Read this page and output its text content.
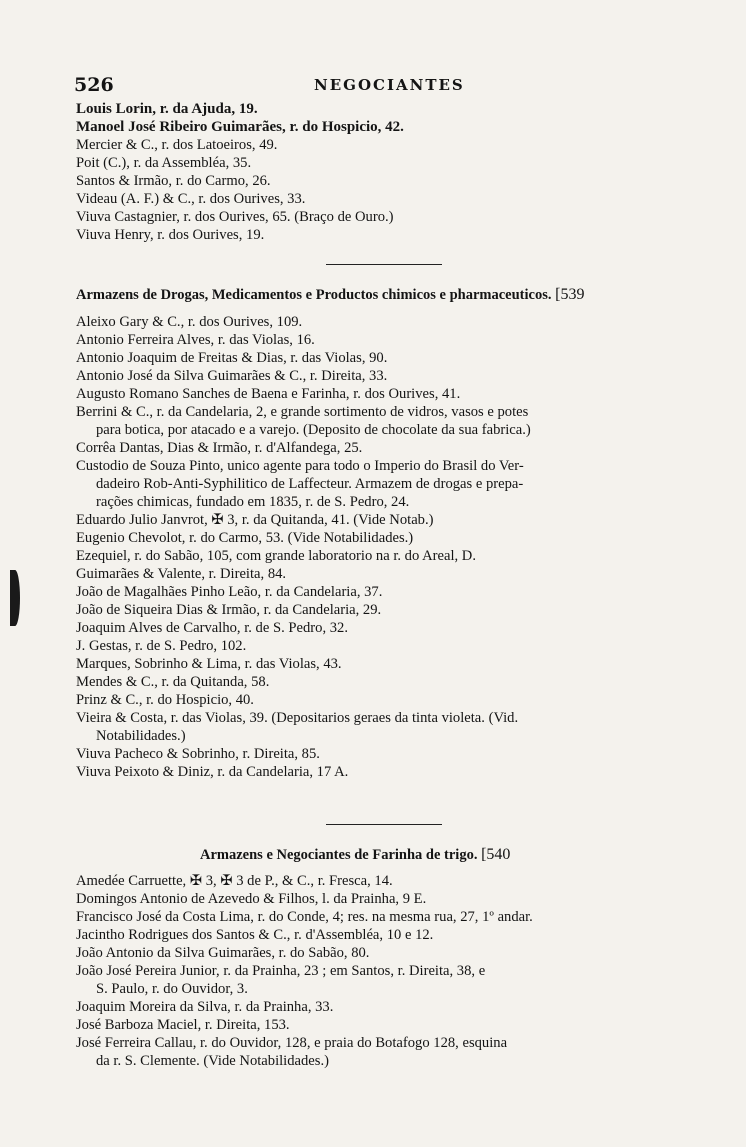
526	NEGOCIANTES
Louis Lorin, r. da Ajuda, 19.
Manoel José Ribeiro Guimarães, r. do Hospicio, 42.
Mercier & C., r. dos Latoeiros, 49.
Poit (C.), r. da Assembléa, 35.
Santos & Irmão, r. do Carmo, 26.
Videau (A. F.) & C., r. dos Ourives, 33.
Viuva Castagnier, r. dos Ourives, 65. (Braço de Ouro.)
Viuva Henry, r. dos Ourives, 19.
Armazens de Drogas, Medicamentos e Productos chimicos e pharmaceuticos. [539
Aleixo Gary & C., r. dos Ourives, 109.
Antonio Ferreira Alves, r. das Violas, 16.
Antonio Joaquim de Freitas & Dias, r. das Violas, 90.
Antonio José da Silva Guimarães & C., r. Direita, 33.
Augusto Romano Sanches de Baena e Farinha, r. dos Ourives, 41.
Berrini & C., r. da Candelaria, 2, e grande sortimento de vidros, vasos e potes
para botica, por atacado e a varejo. (Deposito de chocolate da sua fabrica.)
Corrêa Dantas, Dias & Irmão, r. d'Alfandega, 25.
Custodio de Souza Pinto, unico agente para todo o Imperio do Brasil do Ver-
dadeiro Rob-Anti-Syphilitico de Laffecteur. Armazem de drogas e prepa-
rações chimicas, fundado em 1835, r. de S. Pedro, 24.
Eduardo Julio Janvrot, ✠ 3, r. da Quitanda, 41. (Vide Notab.)
Eugenio Chevolot, r. do Carmo, 53. (Vide Notabilidades.)
Ezequiel, r. do Sabão, 105, com grande laboratorio na r. do Areal, D.
Guimarães & Valente, r. Direita, 84.
João de Magalhães Pinho Leão, r. da Candelaria, 37.
João de Siqueira Dias & Irmão, r. da Candelaria, 29.
Joaquim Alves de Carvalho, r. de S. Pedro, 32.
J. Gestas, r. de S. Pedro, 102.
Marques, Sobrinho & Lima, r. das Violas, 43.
Mendes & C., r. da Quitanda, 58.
Prinz & C., r. do Hospicio, 40.
Vieira & Costa, r. das Violas, 39. (Depositarios geraes da tinta violeta. (Vid.
Notabilidades.)
Viuva Pacheco & Sobrinho, r. Direita, 85.
Viuva Peixoto & Diniz, r. da Candelaria, 17 A.
Armazens e Negociantes de Farinha de trigo. [540
Amedée Carruette, ✠ 3, ✠ 3 de P., & C., r. Fresca, 14.
Domingos Antonio de Azevedo & Filhos, l. da Prainha, 9 E.
Francisco José da Costa Lima, r. do Conde, 4; res. na mesma rua, 27, 1º andar.
Jacintho Rodrigues dos Santos & C., r. d'Assembléa, 10 e 12.
João Antonio da Silva Guimarães, r. do Sabão, 80.
João José Pereira Junior, r. da Prainha, 23 ; em Santos, r. Direita, 38, e
S. Paulo, r. do Ouvidor, 3.
Joaquim Moreira da Silva, r. da Prainha, 33.
José Barboza Maciel, r. Direita, 153.
José Ferreira Callau, r. do Ouvidor, 128, e praia do Botafogo 128, esquina
da r. S. Clemente. (Vide Notabilidades.)
